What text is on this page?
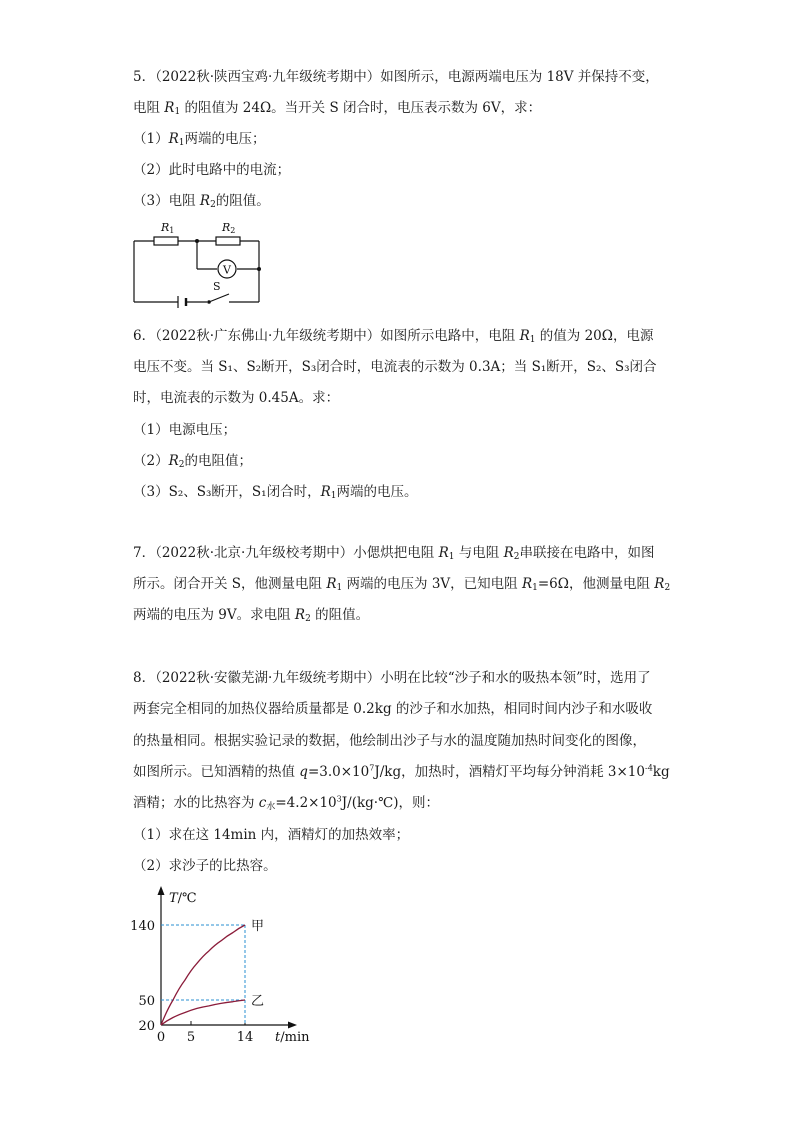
5．（2022秋·陕西宝鸡·九年级统考期中）如图所示，电源两端电压为 18V 并保持不变，
电阻 $R_1$ 的阻值为 24Ω。当开关 S 闭合时，电压表示数为 6V，求：
$(1)R_1$两端的电压；
（2）此时电路中的电流；
（3）电阻 $R_2$的阻值。
V
R1	R2
S
6．（2022秋·广东佛山·九年级统考期中）如图所示电路中，电阻 $R_1$ 的值为 20Ω，电源
电压不变。当 S₁、S₂断开，S₃闭合时，电流表的示数为 0.3A；当 S₁断开，S₂、S₃闭合
时，电流表的示数为 0.45A。求：
（1）电源电压；
$(2)R_2$的电阻值；
（3）S₂、S₃断开，S₁闭合时，$R_1$两端的电压。
7．（2022秋·北京·九年级校考期中）小偲烘把电阻 $R_1$ 与电阻 $R_2$串联接在电路中，如图
所示。闭合开关 S，他测量电阻 $R_1$ 两端的电压为 3V，已知电阻 $R_1=6\Omega$，他测量电阻 $R_2$
两端的电压为 9V。求电阻 $R_2$ 的阻值。
8．（2022秋·安徽芜湖·九年级统考期中）小明在比较“沙子和水的吸热本领”时，选用了
两套完全相同的加热仪器给质量都是 0.2kg 的沙子和水加热，相同时间内沙子和水吸收
的热量相同。根据实验记录的数据，他绘制出沙子与水的温度随加热时间变化的图像，
如图所示。已知酒精的热值 $q=3.0\times 10^7J/kg$，加热时，酒精灯平均每分钟消耗 $3\times 10^{-4}kg$
酒精；水的比热容为 $c_水=4.2\times 10^3J/(kg\cdot℃)$，则：
（1）求在这 14min 内，酒精灯的加热效率；
（2）求沙子的比热容。
0 5	14
20
50
140
T/℃
t/min
甲
乙
